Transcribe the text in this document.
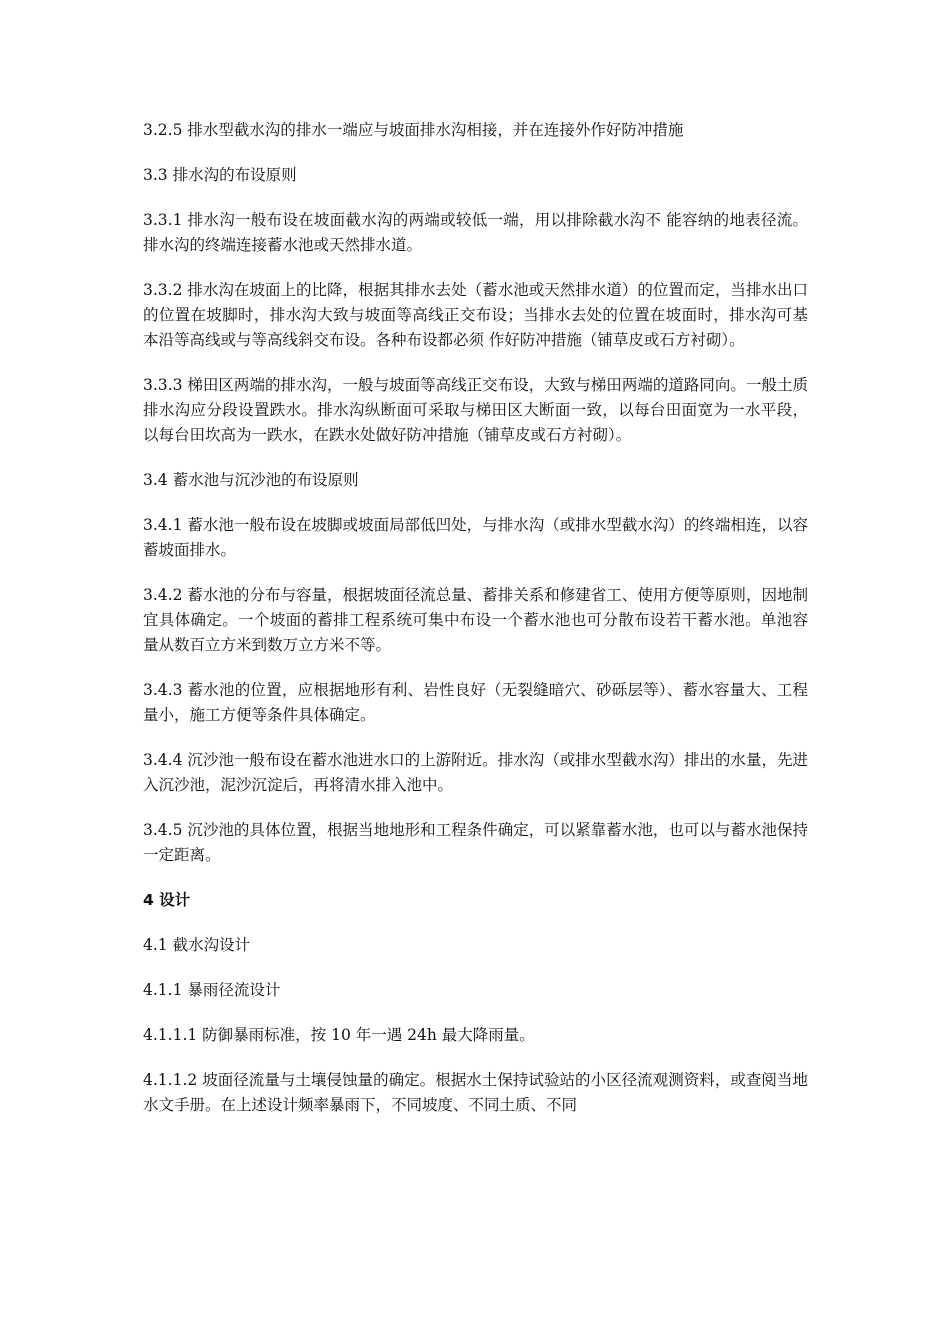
3.2.5 排水型截水沟的排水一端应与坡面排水沟相接，并在连接外作好防冲措施

3.3 排水沟的布设原则

3.3.1 排水沟一般布设在坡面截水沟的两端或较低一端，用以排除截水沟不 能容纳的地表径流。排水沟的终端连接蓄水池或天然排水道。

3.3.2 排水沟在坡面上的比降，根据其排水去处（蓄水池或天然排水道）的位置而定，当排水出口的位置在坡脚时，排水沟大致与坡面等高线正交布设；当排水去处的位置在坡面时，排水沟可基本沿等高线或与等高线斜交布设。各种布设都必须 作好防冲措施（铺草皮或石方衬砌）。

3.3.3 梯田区两端的排水沟，一般与坡面等高线正交布设，大致与梯田两端的道路同向。一般土质排水沟应分段设置跌水。排水沟纵断面可采取与梯田区大断面一致，以每台田面宽为一水平段，以每台田坎高为一跌水，在跌水处做好防冲措施（铺草皮或石方衬砌）。

3.4 蓄水池与沉沙池的布设原则

3.4.1 蓄水池一般布设在坡脚或坡面局部低凹处，与排水沟（或排水型截水沟）的终端相连，以容蓄坡面排水。

3.4.2 蓄水池的分布与容量，根据坡面径流总量、蓄排关系和修建省工、使用方便等原则，因地制宜具体确定。一个坡面的蓄排工程系统可集中布设一个蓄水池也可分散布设若干蓄水池。单池容量从数百立方米到数万立方米不等。

3.4.3 蓄水池的位置，应根据地形有利、岩性良好（无裂缝暗穴、砂砾层等）、蓄水容量大、工程量小，施工方便等条件具体确定。

3.4.4 沉沙池一般布设在蓄水池进水口的上游附近。排水沟（或排水型截水沟）排出的水量，先进入沉沙池，泥沙沉淀后，再将清水排入池中。

3.4.5 沉沙池的具体位置，根据当地地形和工程条件确定，可以紧靠蓄水池，也可以与蓄水池保持一定距离。

4 设计

4.1 截水沟设计

4.1.1 暴雨径流设计

4.1.1.1 防御暴雨标准，按 10 年一遇 24h 最大降雨量。

4.1.1.2 坡面径流量与土壤侵蚀量的确定。根据水土保持试验站的小区径流观测资料，或查阅当地水文手册。在上述设计频率暴雨下，不同坡度、不同土质、不同
